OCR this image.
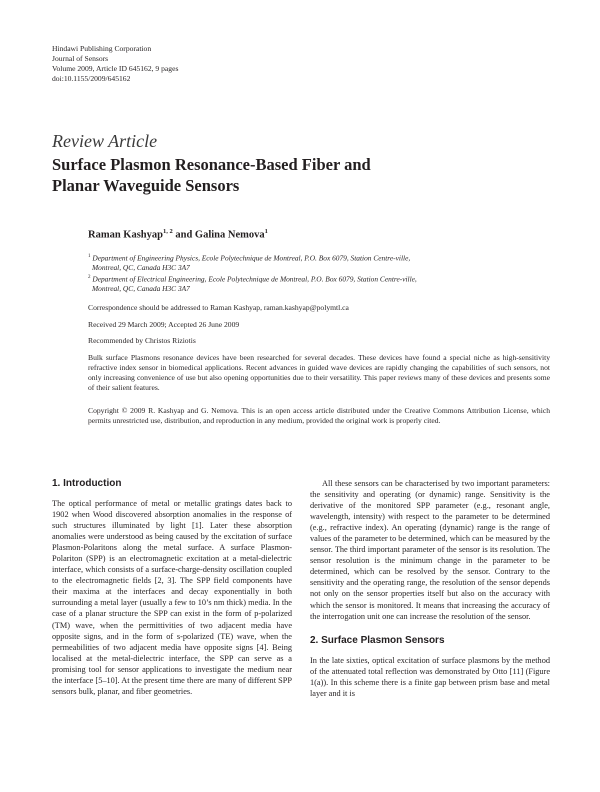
Hindawi Publishing Corporation
Journal of Sensors
Volume 2009, Article ID 645162, 9 pages
doi:10.1155/2009/645162
Review Article
Surface Plasmon Resonance-Based Fiber and
Planar Waveguide Sensors
Raman Kashyap$^{1, 2}$ and Galina Nemova$^1$
$^1$ Department of Engineering Physics, Ecole Polytechnique de Montreal, P.O. Box 6079, Station Centre-ville,
Montreal, QC, Canada H3C 3A7
$^2$ Department of Electrical Engineering, Ecole Polytechnique de Montreal, P.O. Box 6079, Station Centre-ville,
Montreal, QC, Canada H3C 3A7
Correspondence should be addressed to Raman Kashyap, raman.kashyap@polymtl.ca
Received 29 March 2009; Accepted 26 June 2009
Recommended by Christos Riziotis
Bulk surface Plasmons resonance devices have been researched for several decades. These devices have found a special niche as high-sensitivity refractive index sensor in biomedical applications. Recent advances in guided wave devices are rapidly changing the capabilities of such sensors, not only increasing convenience of use but also opening opportunities due to their versatility. This paper reviews many of these devices and presents some of their salient features.
Copyright © 2009 R. Kashyap and G. Nemova. This is an open access article distributed under the Creative Commons Attribution License, which permits unrestricted use, distribution, and reproduction in any medium, provided the original work is properly cited.
1. Introduction

The optical performance of metal or metallic gratings dates back to 1902 when Wood discovered absorption anomalies in the response of such structures illuminated by light [1]. Later these absorption anomalies were understood as being caused by the excitation of surface Plasmon-Polaritons along the metal surface. A surface Plasmon-Polariton (SPP) is an electromagnetic excitation at a metal-dielectric interface, which consists of a surface-charge-density oscillation coupled to the electromagnetic fields [2, 3]. The SPP field components have their maxima at the interfaces and decay exponentially in both surrounding a metal layer (usually a few to 10’s nm thick) media. In the case of a planar structure the SPP can exist in the form of p-polarized (TM) wave, when the permittivities of two adjacent media have opposite signs, and in the form of s-polarized (TE) wave, when the permeabilities of two adjacent media have opposite signs [4]. Being localised at the metal-dielectric interface, the SPP can serve as a promising tool for sensor applications to investigate the medium near the interface [5–10]. At the present time there are many of different SPP sensors bulk, planar, and fiber geometries.

All these sensors can be characterised by two important parameters: the sensitivity and operating (or dynamic) range. Sensitivity is the derivative of the monitored SPP parameter (e.g., resonant angle, wavelength, intensity) with respect to the parameter to be determined (e.g., refractive index). An operating (dynamic) range is the range of values of the parameter to be determined, which can be measured by the sensor. The third important parameter of the sensor is its resolution. The sensor resolution is the minimum change in the parameter to be determined, which can be resolved by the sensor. Contrary to the sensitivity and the operating range, the resolution of the sensor depends not only on the sensor properties itself but also on the accuracy with which the sensor is monitored. It means that increasing the accuracy of the interrogation unit one can increase the resolution of the sensor.

2. Surface Plasmon Sensors

In the late sixties, optical excitation of surface plasmons by the method of the attenuated total reflection was demonstrated by Otto [11] (Figure 1(a)). In this scheme there is a finite gap between prism base and metal layer and it is
